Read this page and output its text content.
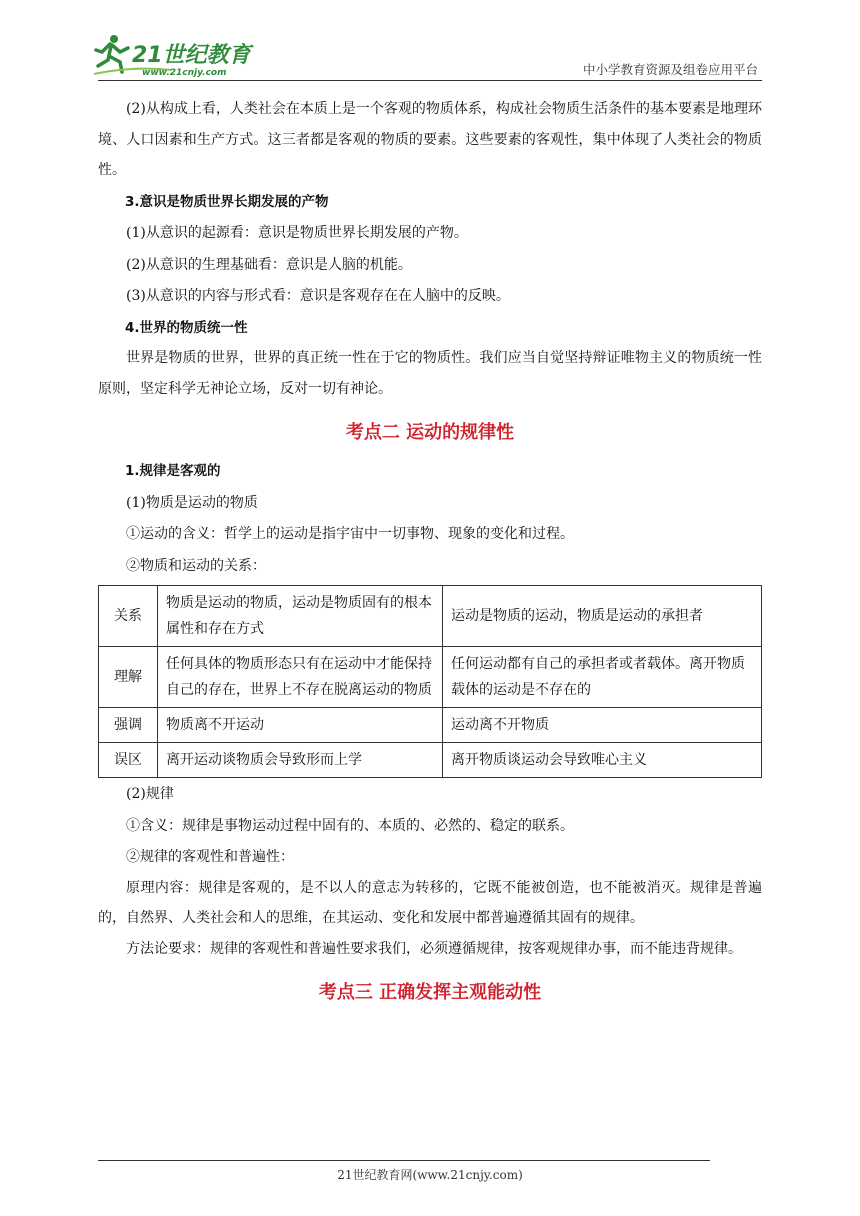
21世纪教育
www.21cnjy.com	中小学教育资源及组卷应用平台

(2)从构成上看，人类社会在本质上是一个客观的物质体系，构成社会物质生活条件的基本要素是地理环境、人口因素和生产方式。这三者都是客观的物质的要素。这些要素的客观性，集中体现了人类社会的物质性。

3.意识是物质世界长期发展的产物

(1)从意识的起源看：意识是物质世界长期发展的产物。

(2)从意识的生理基础看：意识是人脑的机能。

(3)从意识的内容与形式看：意识是客观存在在人脑中的反映。

4.世界的物质统一性

世界是物质的世界，世界的真正统一性在于它的物质性。我们应当自觉坚持辩证唯物主义的物质统一性原则，坚定科学无神论立场，反对一切有神论。

考点二 运动的规律性

1.规律是客观的

(1)物质是运动的物质

①运动的含义：哲学上的运动是指宇宙中一切事物、现象的变化和过程。

②物质和运动的关系：

关系	物质是运动的物质，运动是物质固有的根本属性和存在方式	运动是物质的运动，物质是运动的承担者
理解	任何具体的物质形态只有在运动中才能保持自己的存在，世界上不存在脱离运动的物质	任何运动都有自己的承担者或者载体。离开物质载体的运动是不存在的
强调	物质离不开运动	运动离不开物质
误区	离开运动谈物质会导致形而上学	离开物质谈运动会导致唯心主义

(2)规律

①含义：规律是事物运动过程中固有的、本质的、必然的、稳定的联系。

②规律的客观性和普遍性：

原理内容：规律是客观的，是不以人的意志为转移的，它既不能被创造，也不能被消灭。规律是普遍的，自然界、人类社会和人的思维，在其运动、变化和发展中都普遍遵循其固有的规律。

方法论要求：规律的客观性和普遍性要求我们，必须遵循规律，按客观规律办事，而不能违背规律。

考点三 正确发挥主观能动性
21世纪教育网(www.21cnjy.com)
